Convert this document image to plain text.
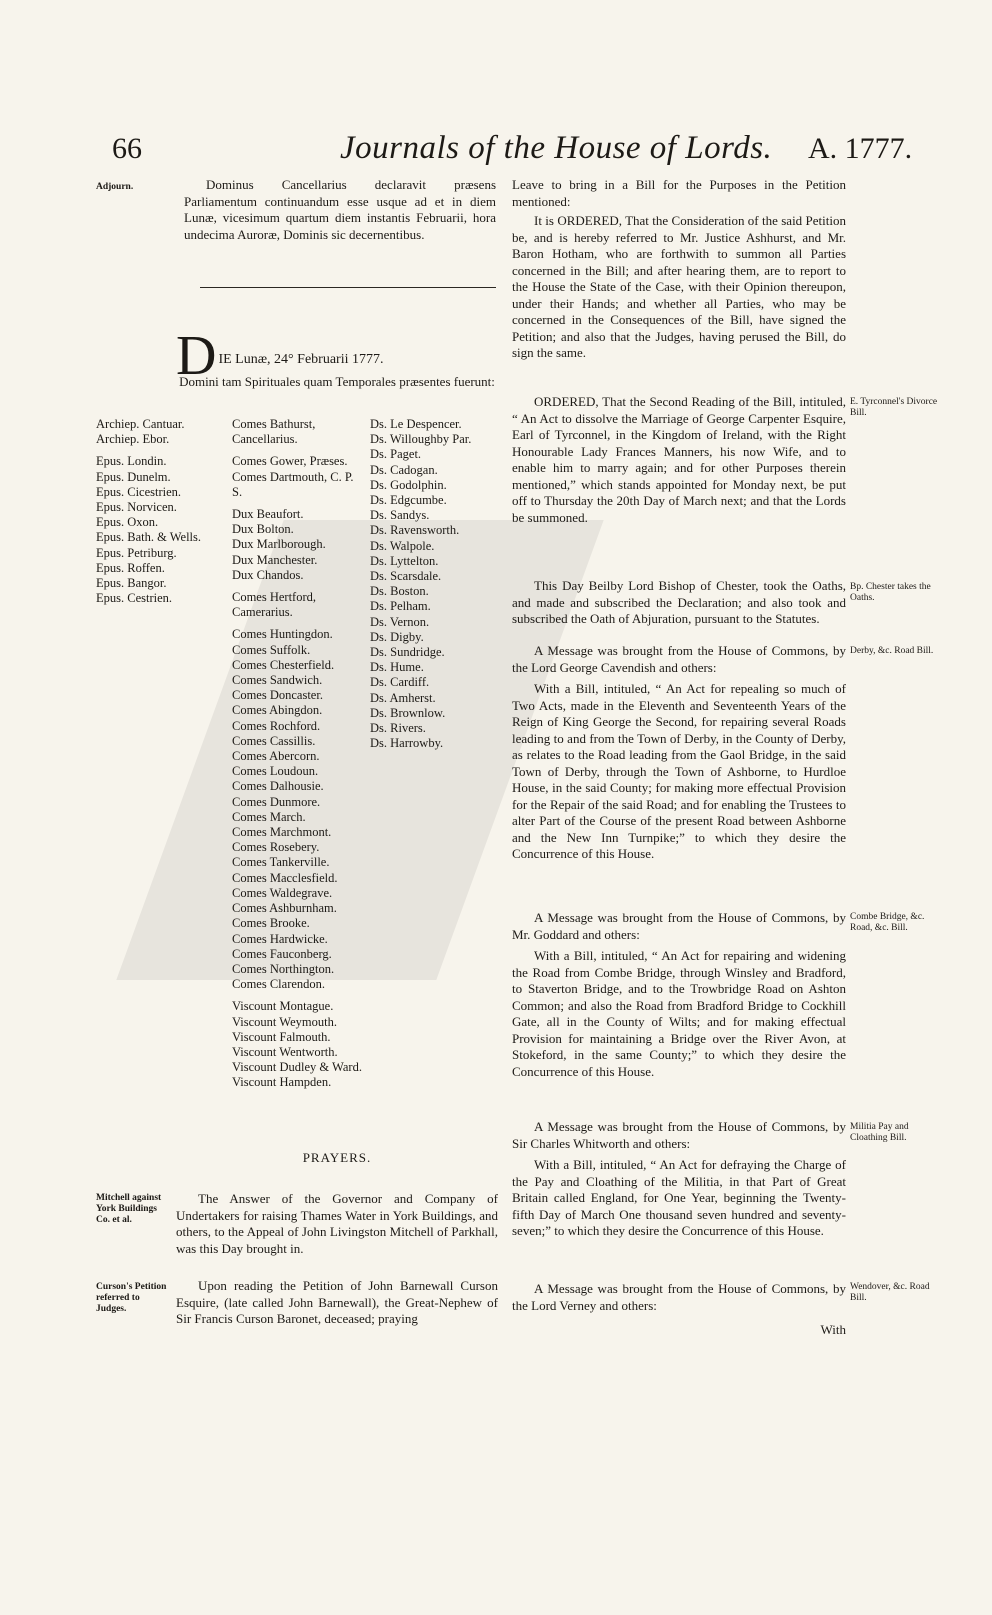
66	Journals of the House of Lords. A. 1777.
Adjourn.	Dominus Cancellarius declaravit præsens Parliamentum continuandum esse usque ad et in diem Lunæ, vicesimum quartum diem instantis Februarii, hora undecima Auroræ, Dominis sic decernentibus.
D IE Lunæ, 24° Februarii 1777.
Domini tam Spirituales quam Temporales præsentes fuerunt:
Archiep. Cantuar.
Archiep. Ebor.
Epus. Londin.
Epus. Dunelm.
Epus. Cicestrien.
Epus. Norvicen.
Epus. Oxon.
Epus. Bath. & Wells.
Epus. Petriburg.
Epus. Roffen.
Epus. Bangor.
Epus. Cestrien.
Comes Bathurst, Cancellarius.
Comes Gower, Præses.
Comes Dartmouth, C. P. S.
Dux Beaufort.
Dux Bolton.
Dux Marlborough.
Dux Manchester.
Dux Chandos.
Comes Hertford, Camerarius.
Comes Huntingdon.
Comes Suffolk.
Comes Chesterfield.
Comes Sandwich.
Comes Doncaster.
Comes Abingdon.
Comes Rochford.
Comes Cassillis.
Comes Abercorn.
Comes Loudoun.
Comes Dalhousie.
Comes Dunmore.
Comes March.
Comes Marchmont.
Comes Rosebery.
Comes Tankerville.
Comes Macclesfield.
Comes Waldegrave.
Comes Ashburnham.
Comes Brooke.
Comes Hardwicke.
Comes Fauconberg.
Comes Northington.
Comes Clarendon.
Viscount Montague.
Viscount Weymouth.
Viscount Falmouth.
Viscount Wentworth.
Viscount Dudley & Ward.
Viscount Hampden.
Ds. Le Despencer.
Ds. Willoughby Par.
Ds. Paget.
Ds. Cadogan.
Ds. Godolphin.
Ds. Edgcumbe.
Ds. Sandys.
Ds. Ravensworth.
Ds. Walpole.
Ds. Lyttelton.
Ds. Scarsdale.
Ds. Boston.
Ds. Pelham.
Ds. Vernon.
Ds. Digby.
Ds. Sundridge.
Ds. Hume.
Ds. Cardiff.
Ds. Amherst.
Ds. Brownlow.
Ds. Rivers.
Ds. Harrowby.
PRAYERS.
Mitchell against York Buildings Co. et al.
The Answer of the Governor and Company of Undertakers for raising Thames Water in York Buildings, and others, to the Appeal of John Livingston Mitchell of Parkhall, was this Day brought in.
Curson's Petition referred to Judges.
Upon reading the Petition of John Barnewall Curson Esquire, (late called John Barnewall), the Great-Nephew of Sir Francis Curson Baronet, deceased; praying
Leave to bring in a Bill for the Purposes in the Petition mentioned:
It is ORDERED, That the Consideration of the said Petition be, and is hereby referred to Mr. Justice Ashhurst, and Mr. Baron Hotham, who are forthwith to summon all Parties concerned in the Bill; and after hearing them, are to report to the House the State of the Case, with their Opinion thereupon, under their Hands; and whether all Parties, who may be concerned in the Consequences of the Bill, have signed the Petition; and also that the Judges, having perused the Bill, do sign the same.
E. Tyrconnel's Divorce Bill.
ORDERED, That the Second Reading of the Bill, intituled, “ An Act to dissolve the Marriage of George Carpenter Esquire, Earl of Tyrconnel, in the Kingdom of Ireland, with the Right Honourable Lady Frances Manners, his now Wife, and to enable him to marry again; and for other Purposes therein mentioned,” which stands appointed for Monday next, be put off to Thursday the 20th Day of March next; and that the Lords be summoned.
Bp. Chester takes the Oaths.
This Day Beilby Lord Bishop of Chester, took the Oaths, and made and subscribed the Declaration; and also took and subscribed the Oath of Abjuration, pursuant to the Statutes.
Derby, &c. Road Bill.
A Message was brought from the House of Commons, by the Lord George Cavendish and others:
With a Bill, intituled, “ An Act for repealing so much of Two Acts, made in the Eleventh and Seventeenth Years of the Reign of King George the Second, for repairing several Roads leading to and from the Town of Derby, in the County of Derby, as relates to the Road leading from the Gaol Bridge, in the said Town of Derby, through the Town of Ashborne, to Hurdloe House, in the said County; for making more effectual Provision for the Repair of the said Road; and for enabling the Trustees to alter Part of the Course of the present Road between Ashborne and the New Inn Turnpike;” to which they desire the Concurrence of this House.
Combe Bridge, &c. Road, &c. Bill.
A Message was brought from the House of Commons, by Mr. Goddard and others:
With a Bill, intituled, “ An Act for repairing and widening the Road from Combe Bridge, through Winsley and Bradford, to Staverton Bridge, and to the Trowbridge Road on Ashton Common; and also the Road from Bradford Bridge to Cockhill Gate, all in the County of Wilts; and for making effectual Provision for maintaining a Bridge over the River Avon, at Stokeford, in the same County;” to which they desire the Concurrence of this House.
Militia Pay and Cloathing Bill.
A Message was brought from the House of Commons, by Sir Charles Whitworth and others:
With a Bill, intituled, “ An Act for defraying the Charge of the Pay and Cloathing of the Militia, in that Part of Great Britain called England, for One Year, beginning the Twenty-fifth Day of March One thousand seven hundred and seventy-seven;” to which they desire the Concurrence of this House.
Wendover, &c. Road Bill.
A Message was brought from the House of Commons, by the Lord Verney and others:
With
